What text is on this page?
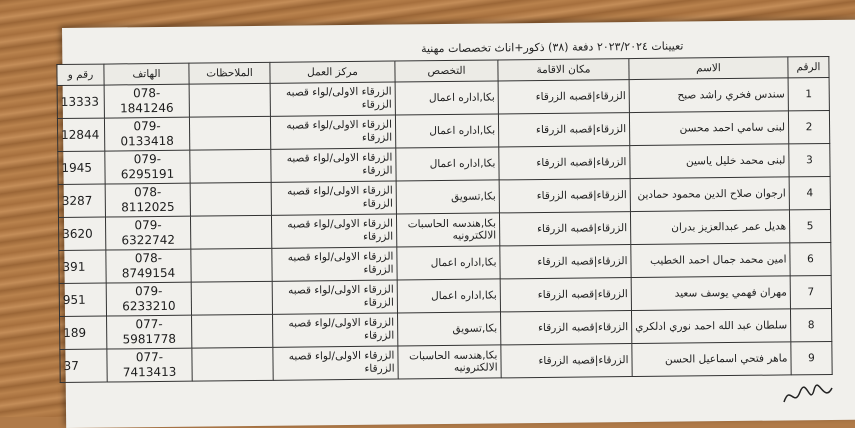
تعيينات ٢٠٢٣/٢٠٢٤ دفعة (٣٨) ذكور+اناث تخصصات مهنية
الرقم	الاسم	مكان الاقامة	التخصص	مركز العمل	الملاحظات	الهاتف	رقم و
1	سندس فخري راشد صبح	الزرقاء|قصبه الزرقاء	بكا,اداره اعمال	الزرقاء الاولى/لواء قصبه الزرقاء		078-1841246	13333
2	لبنى سامي احمد محسن	الزرقاء|قصبه الزرقاء	بكا,اداره اعمال	الزرقاء الاولى/لواء قصبه الزرقاء		079-0133418	12844
3	لبنى محمد خليل ياسين	الزرقاء|قصبه الزرقاء	بكا,اداره اعمال	الزرقاء الاولى/لواء قصبه الزرقاء		079-6295191	1945
4	ارجوان صلاح الدين محمود حمادين	الزرقاء|قصبه الزرقاء	بكا,تسويق	الزرقاء الاولى/لواء قصبه الزرقاء		078-8112025	3287
5	هديل عمر عبدالعزيز بدران	الزرقاء|قصبه الزرقاء	بكا,هندسه الحاسبات الالكترونيه	الزرقاء الاولى/لواء قصبه الزرقاء		079-6322742	3620
6	امين محمد جمال احمد الخطيب	الزرقاء|قصبه الزرقاء	بكا,اداره اعمال	الزرقاء الاولى/لواء قصبه الزرقاء		078-8749154	391
7	مهران فهمي يوسف سعيد	الزرقاء|قصبه الزرقاء	بكا,اداره اعمال	الزرقاء الاولى/لواء قصبه الزرقاء		079-6233210	951
8	سلطان عبد الله احمد نوري ادلكري	الزرقاء|قصبه الزرقاء	بكا,تسويق	الزرقاء الاولى/لواء قصبه الزرقاء		077-5981778	189
9	ماهر فتحي اسماعيل الحسن	الزرقاء|قصبه الزرقاء	بكا,هندسه الحاسبات الالكترونيه	الزرقاء الاولى/لواء قصبه الزرقاء		077-7413413	37
